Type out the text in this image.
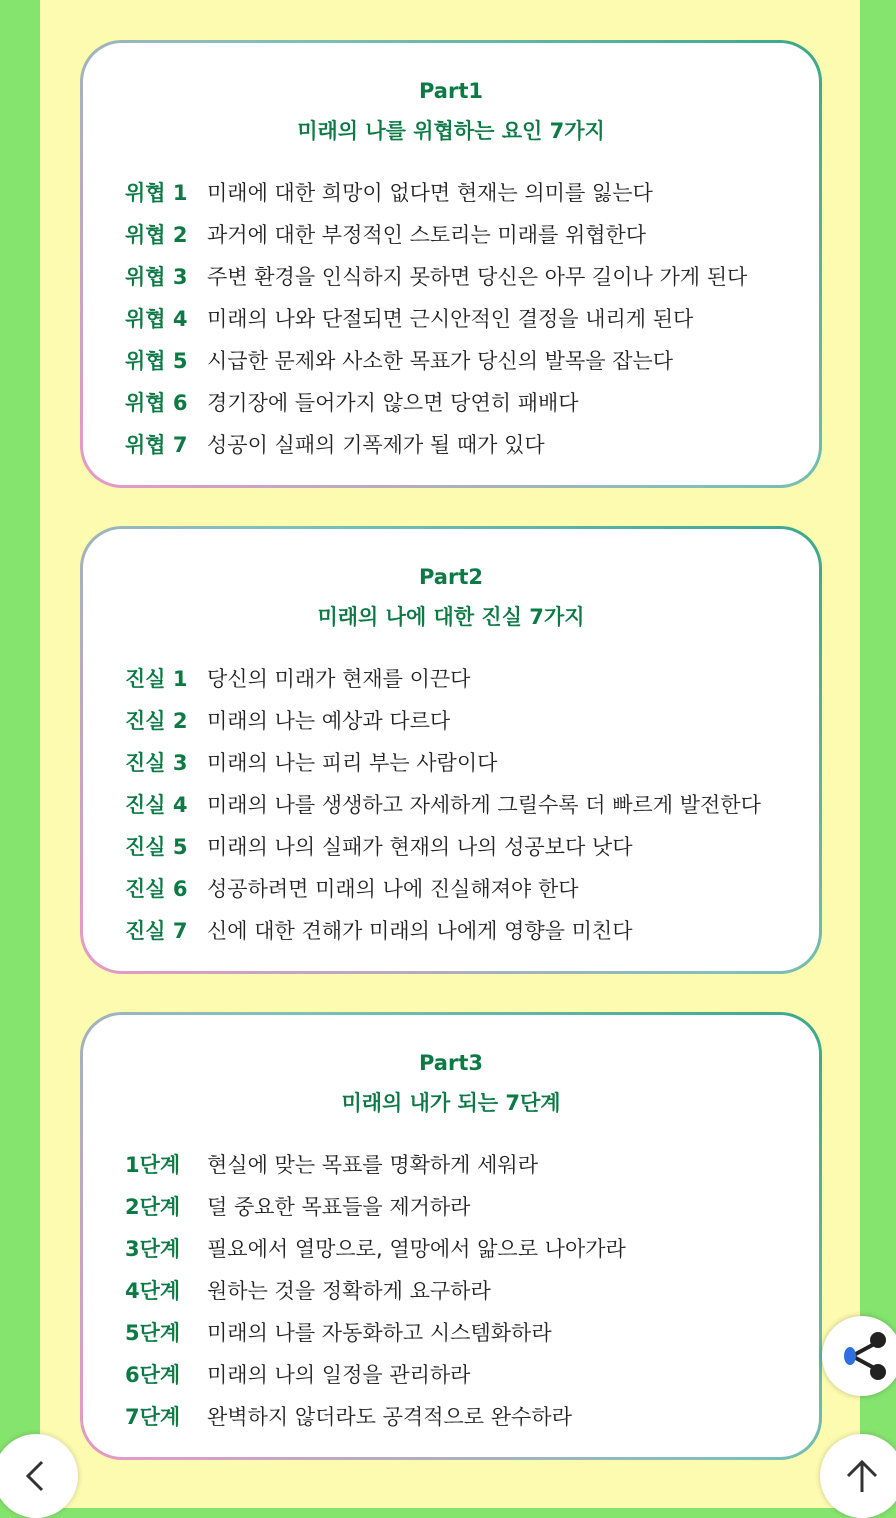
Part1
미래의 나를 위협하는 요인 7가지
위협 1 미래에 대한 희망이 없다면 현재는 의미를 잃는다
위협 2 과거에 대한 부정적인 스토리는 미래를 위협한다
위협 3 주변 환경을 인식하지 못하면 당신은 아무 길이나 가게 된다
위협 4 미래의 나와 단절되면 근시안적인 결정을 내리게 된다
위협 5 시급한 문제와 사소한 목표가 당신의 발목을 잡는다
위협 6 경기장에 들어가지 않으면 당연히 패배다
위협 7 성공이 실패의 기폭제가 될 때가 있다
Part2
미래의 나에 대한 진실 7가지
진실 1 당신의 미래가 현재를 이끈다
진실 2 미래의 나는 예상과 다르다
진실 3 미래의 나는 피리 부는 사람이다
진실 4 미래의 나를 생생하고 자세하게 그릴수록 더 빠르게 발전한다
진실 5 미래의 나의 실패가 현재의 나의 성공보다 낫다
진실 6 성공하려면 미래의 나에 진실해져야 한다
진실 7 신에 대한 견해가 미래의 나에게 영향을 미친다
Part3
미래의 내가 되는 7단계
1단계	현실에 맞는 목표를 명확하게 세워라
2단계	덜 중요한 목표들을 제거하라
3단계	필요에서 열망으로, 열망에서 앎으로 나아가라
4단계	원하는 것을 정확하게 요구하라
5단계	미래의 나를 자동화하고 시스템화하라
6단계	미래의 나의 일정을 관리하라
7단계	완벽하지 않더라도 공격적으로 완수하라
